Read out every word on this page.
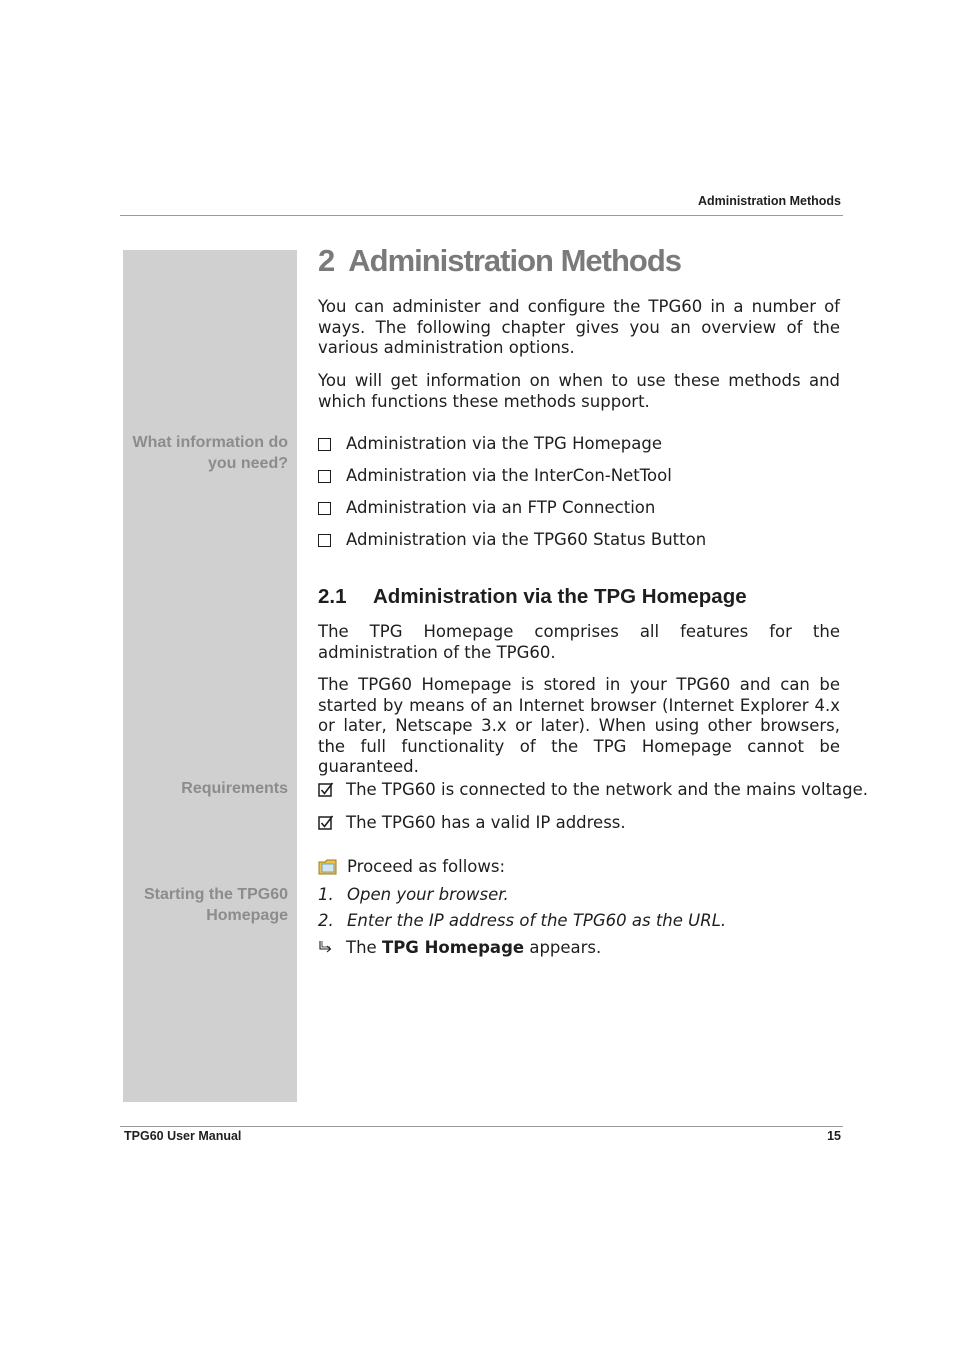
Administration Methods
What information do you need?
Requirements
Starting the TPG60 Homepage
2 Administration Methods
You can administer and configure the TPG60 in a number of ways. The following chapter gives you an overview of the various administration options.
You will get information on when to use these methods and which functions these methods support.
Administration via the TPG Homepage
Administration via the InterCon-NetTool
Administration via an FTP Connection
Administration via the TPG60 Status Button
2.1 Administration via the TPG Homepage
The TPG Homepage comprises all features for the administration of the TPG60.
The TPG60 Homepage is stored in your TPG60 and can be started by means of an Internet browser (Internet Explorer 4.x or later, Netscape 3.x or later). When using other browsers, the full functionality of the TPG Homepage cannot be guaranteed.
The TPG60 is connected to the network and the mains voltage.
The TPG60 has a valid IP address.
Proceed as follows:
1. Open your browser.
2. Enter the IP address of the TPG60 as the URL.
The
TPG Homepage
appears.
TPG60 User Manual	15
